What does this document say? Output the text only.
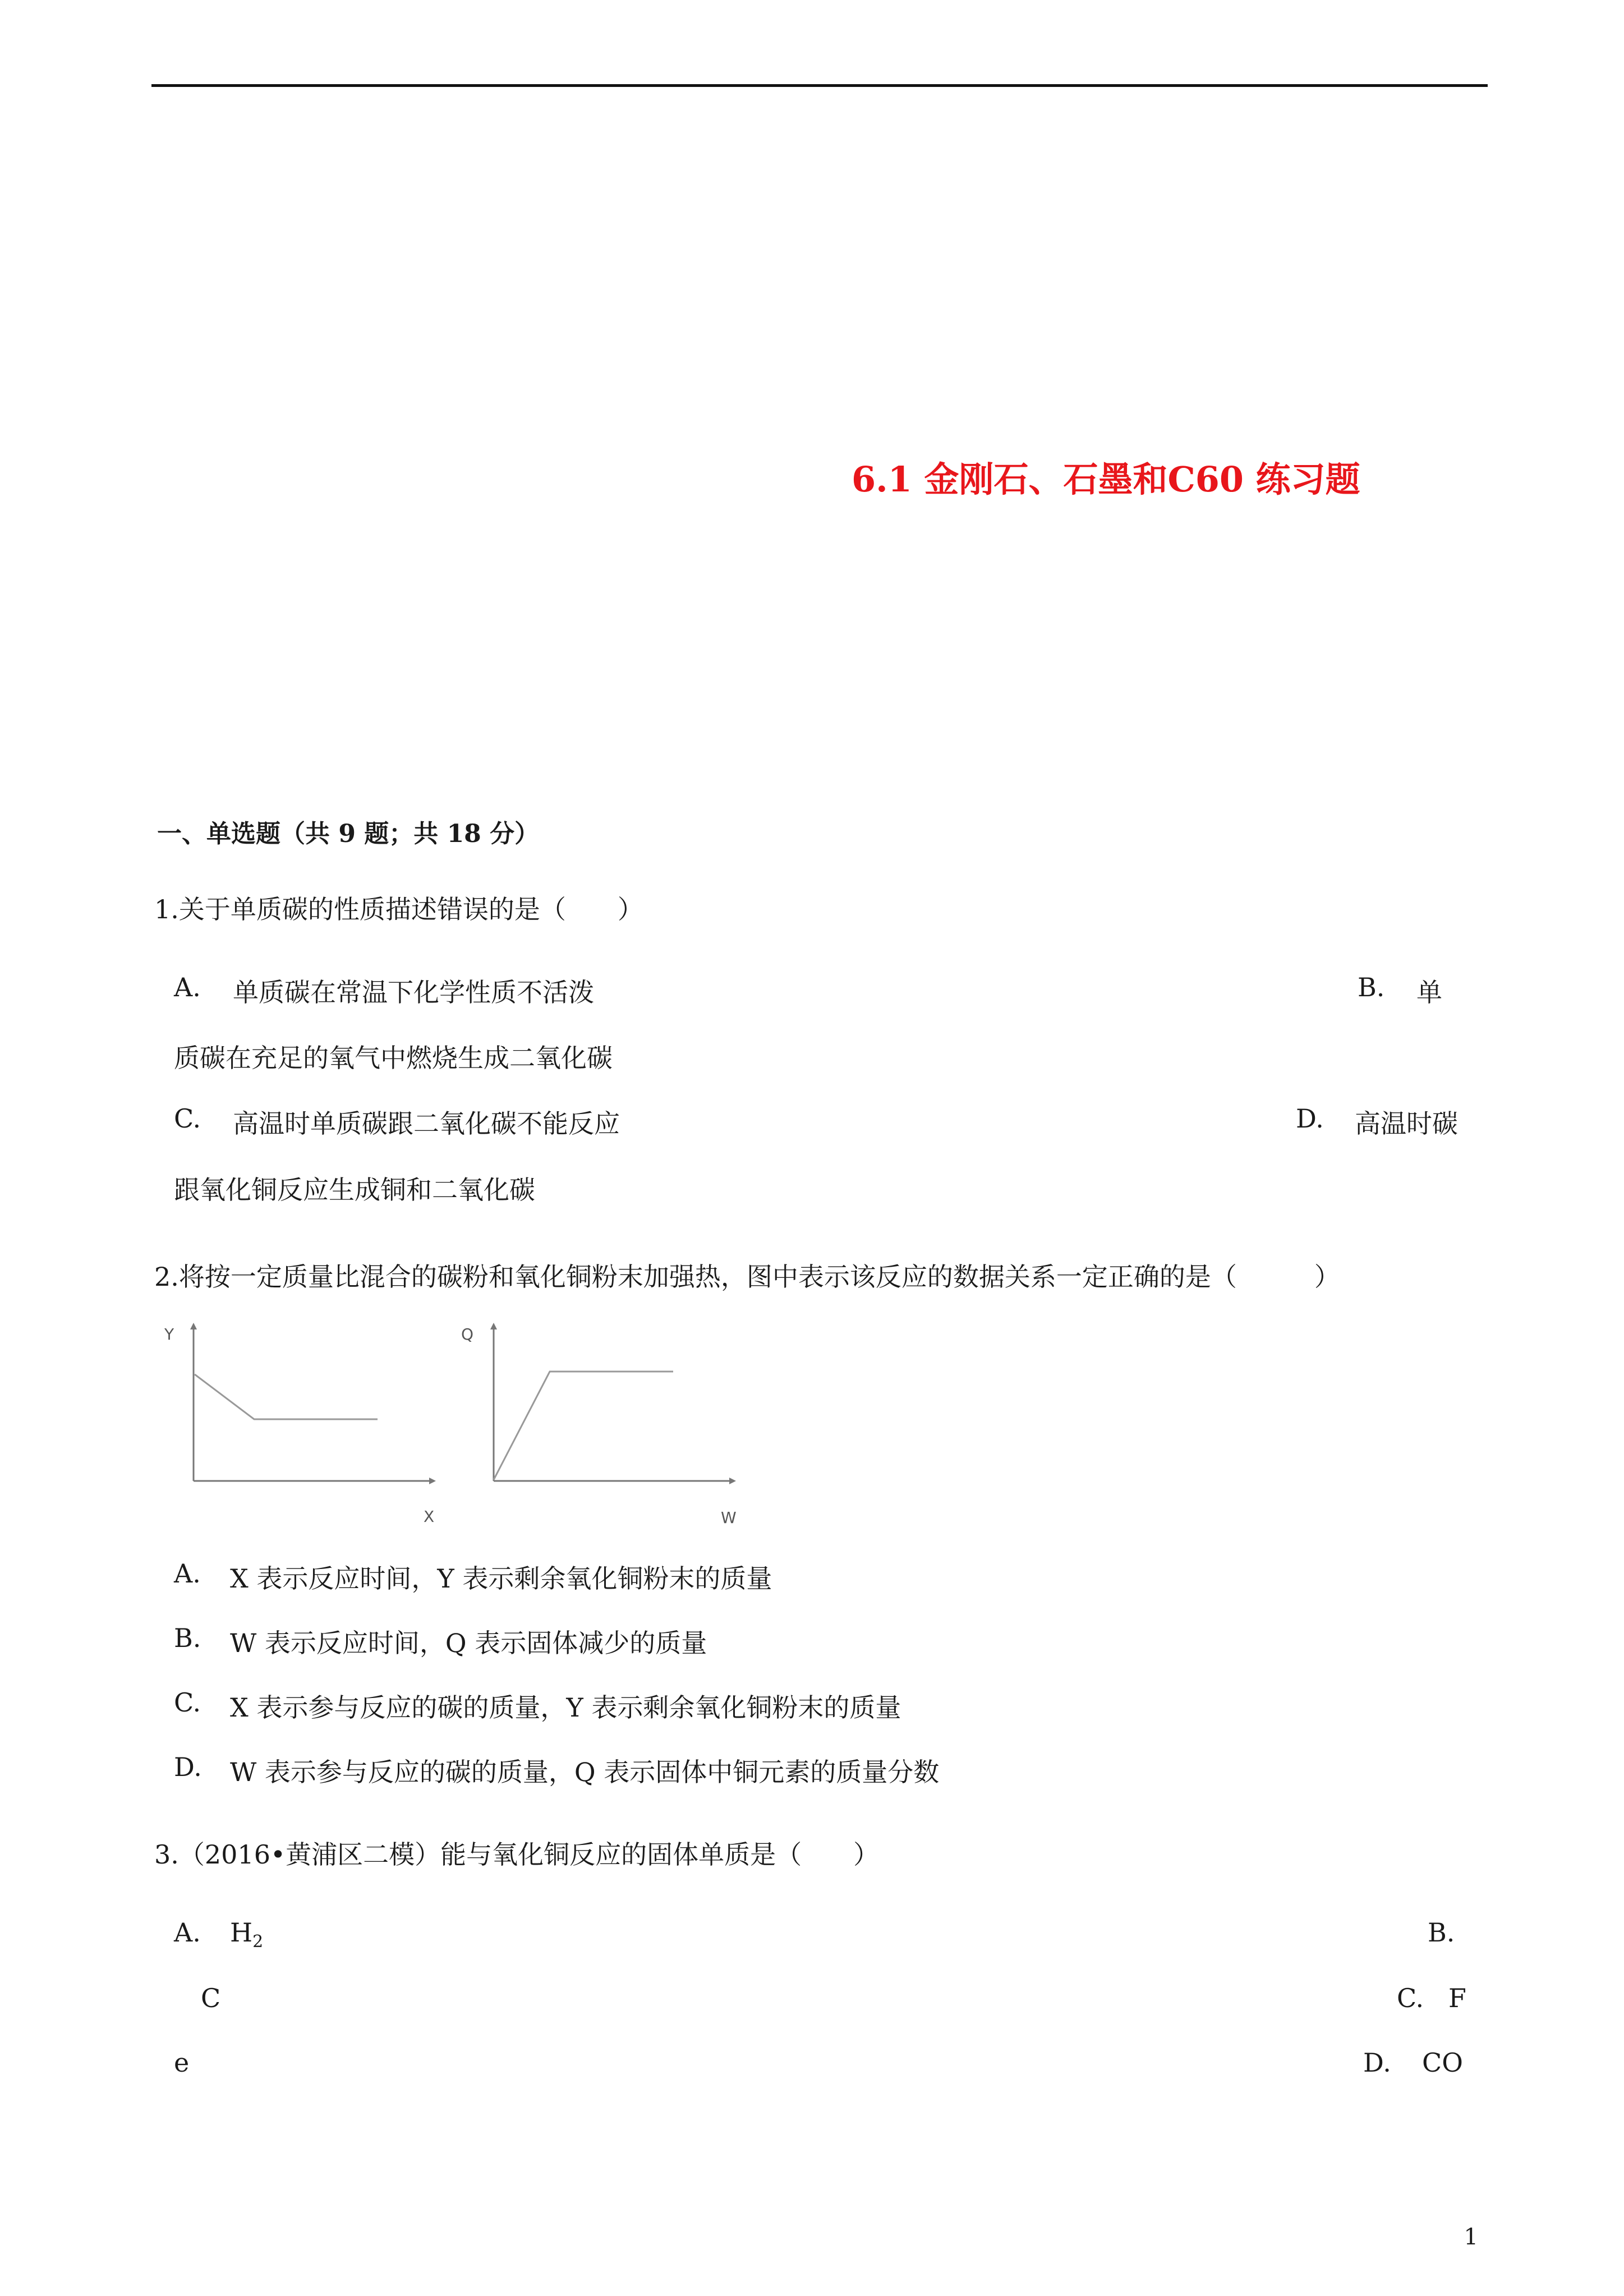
6.1 金刚石、石墨和C60 练习题
一、单选题（共 9 题；共 18 分）
1.关于单质碳的性质描述错误的是（　　）
A. 单质碳在常温下化学性质不活泼	B. 单
质碳在充足的氧气中燃烧生成二氧化碳
C. 高温时单质碳跟二氧化碳不能反应	D. 高温时碳
跟氧化铜反应生成铜和二氧化碳
2.将按一定质量比混合的碳粉和氧化铜粉末加强热，图中表示该反应的数据关系一定正确的是（　　　）
Y
X
Q
W
A. X 表示反应时间，Y 表示剩余氧化铜粉末的质量
B. W 表示反应时间，Q 表示固体减少的质量
C. X 表示参与反应的碳的质量，Y 表示剩余氧化铜粉末的质量
D. W 表示参与反应的碳的质量，Q 表示固体中铜元素的质量分数
3.（2016•黄浦区二模）能与氧化铜反应的固体单质是（　　）
A. $H_2$	B.
C	C. F
e	D. CO
1
